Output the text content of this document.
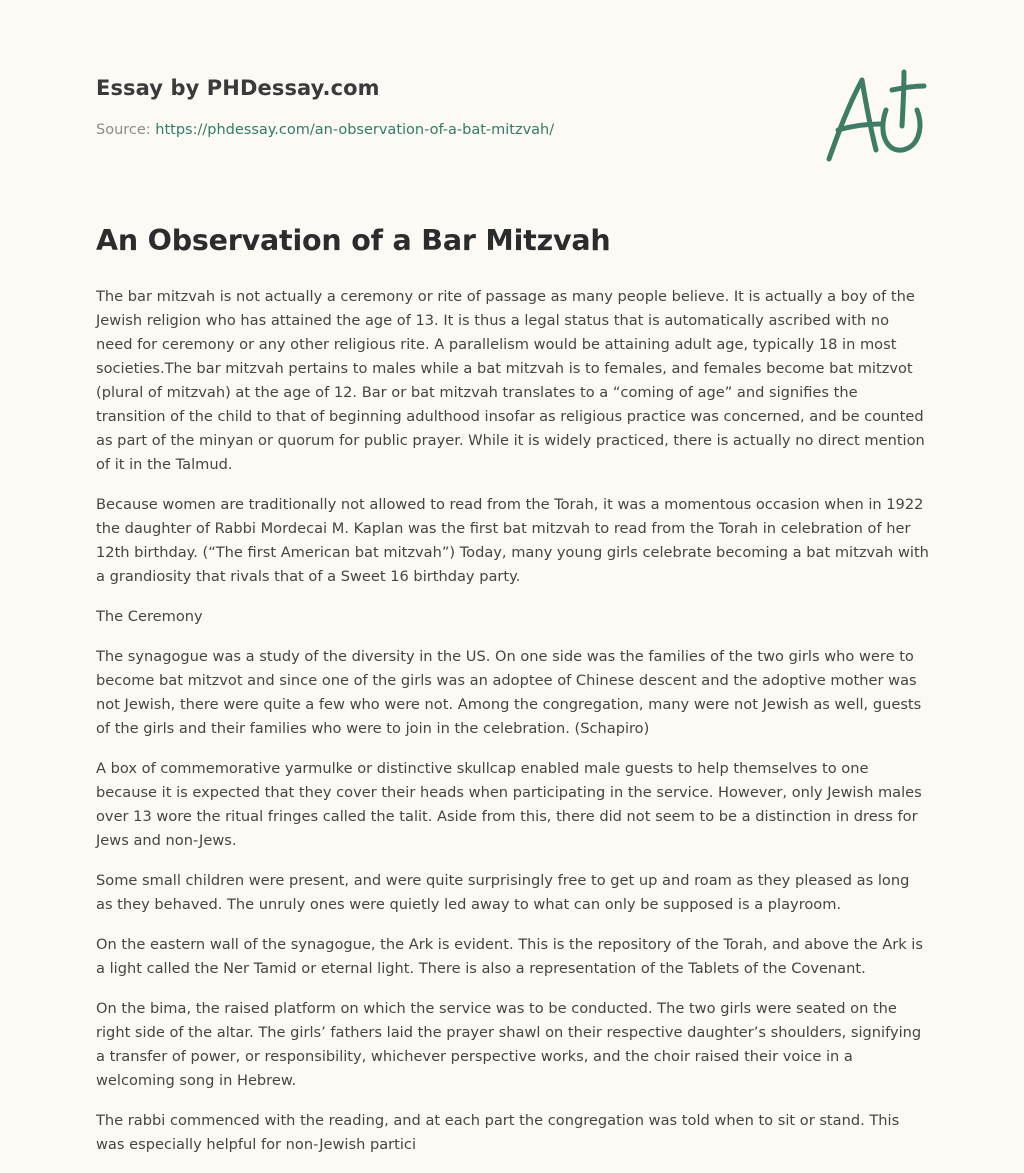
Essay by PHDessay.com
Source: https://phdessay.com/an-observation-of-a-bat-mitzvah/
An Observation of a Bar Mitzvah

The bar mitzvah is not actually a ceremony or rite of passage as many people believe. It is actually a boy of the Jewish religion who has attained the age of 13. It is thus a legal status that is automatically ascribed with no need for ceremony or any other religious rite. A parallelism would be attaining adult age, typically 18 in most societies.The bar mitzvah pertains to males while a bat mitzvah is to females, and females become bat mitzvot (plural of mitzvah) at the age of 12. Bar or bat mitzvah translates to a “coming of age” and signifies the transition of the child to that of beginning adulthood insofar as religious practice was concerned, and be counted as part of the minyan or quorum for public prayer. While it is widely practiced, there is actually no direct mention of it in the Talmud.

Because women are traditionally not allowed to read from the Torah, it was a momentous occasion when in 1922 the daughter of Rabbi Mordecai M. Kaplan was the first bat mitzvah to read from the Torah in celebration of her 12th birthday. (“The first American bat mitzvah”) Today, many young girls celebrate becoming a bat mitzvah with a grandiosity that rivals that of a Sweet 16 birthday party.

The Ceremony

The synagogue was a study of the diversity in the US. On one side was the families of the two girls who were to become bat mitzvot and since one of the girls was an adoptee of Chinese descent and the adoptive mother was not Jewish, there were quite a few who were not. Among the congregation, many were not Jewish as well, guests of the girls and their families who were to join in the celebration. (Schapiro)

A box of commemorative yarmulke or distinctive skullcap enabled male guests to help themselves to one because it is expected that they cover their heads when participating in the service. However, only Jewish males over 13 wore the ritual fringes called the talit. Aside from this, there did not seem to be a distinction in dress for Jews and non-Jews.

Some small children were present, and were quite surprisingly free to get up and roam as they pleased as long as they behaved. The unruly ones were quietly led away to what can only be supposed is a playroom.

On the eastern wall of the synagogue, the Ark is evident. This is the repository of the Torah, and above the Ark is a light called the Ner Tamid or eternal light. There is also a representation of the Tablets of the Covenant.

On the bima, the raised platform on which the service was to be conducted. The two girls were seated on the right side of the altar. The girls’ fathers laid the prayer shawl on their respective daughter’s shoulders, signifying a transfer of power, or responsibility, whichever perspective works, and the choir raised their voice in a welcoming song in Hebrew.

The rabbi commenced with the reading, and at each part the congregation was told when to sit or stand. This was especially helpful for non-Jewish partici
